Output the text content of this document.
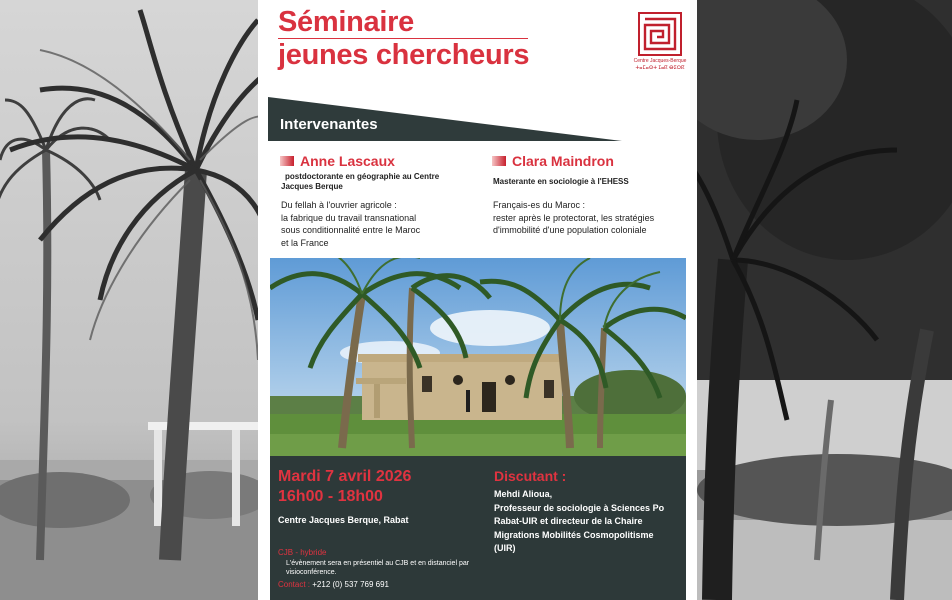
Séminaire
jeunes chercheurs	Centre Jacques-Berque
ⵜⴰⵎⴰⵙⵜ ⵊⴰⴽ ⴱⵉⵔⴽ
Intervenantes
Anne Lascaux
postdoctorante en géographie au Centre Jacques Berque
Du fellah à l'ouvrier agricole :
la fabrique du travail transnational
sous conditionnalité entre le Maroc
et la France
Clara Maindron
Masterante en sociologie à l'EHESS
Français-es du Maroc :
rester après le protectorat, les stratégies
d'immobilité d'une population coloniale
Mardi 7 avril 2026
16h00 - 18h00
Centre Jacques Berque, Rabat
Discutant :
Mehdi Alioua,
Professeur de sociologie à Sciences Po
Rabat-UIR et directeur de la Chaire
Migrations Mobilités Cosmopolitisme
(UIR)
CJB - hybride
L'évènement sera en présentiel au CJB et en distanciel par visioconférence.
Contact : +212 (0) 537 769 691
